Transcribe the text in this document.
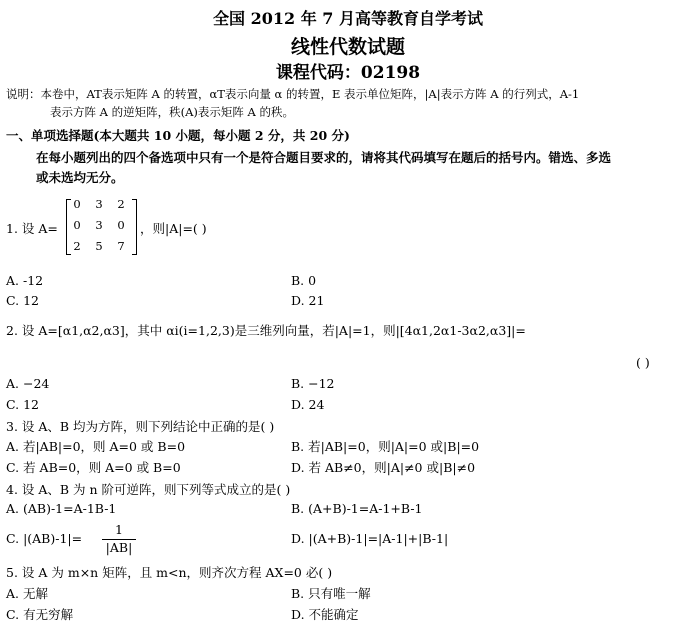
全国 2012 年 7 月高等教育自学考试
线性代数试题
课程代码：02198
说明：本卷中，AT表示矩阵 A 的转置，αT表示向量 α 的转置，E 表示单位矩阵，|A|表示方阵 A 的行列式，A-1
表示方阵 A 的逆矩阵，秩(A)表示矩阵 A 的秩。
一、单项选择题(本大题共 10 小题，每小题 2 分，共 20 分)
在每小题列出的四个备选项中只有一个是符合题目要求的，请将其代码填写在题后的括号内。错选、多选
或未选均无分。
1. 设 A=
0	3	2
0	3	0
2	5	7
，则|A|=( )
A. -12	B. 0
C. 12	D. 21
2. 设 A=[α1,α2,α3]，其中 αi(i=1,2,3)是三维列向量，若|A|=1，则|[4α1,2α1-3α2,α3]|=
( )
A. −24	B. −12
C. 12	D. 24
3. 设 A、B 均为方阵，则下列结论中正确的是( )
A. 若|AB|=0，则 A=0 或 B=0	B. 若|AB|=0，则|A|=0 或|B|=0
C. 若 AB=0，则 A=0 或 B=0	D. 若 AB≠0，则|A|≠0 或|B|≠0
4. 设 A、B 为 n 阶可逆阵，则下列等式成立的是( )
A. (AB)-1=A-1B-1	B. (A+B)-1=A-1+B-1
C. |(AB)-1|=
1
|AB|
D. |(A+B)-1|=|A-1|+|B-1|
5. 设 A 为 m×n 矩阵，且 m<n，则齐次方程 AX=0 必( )
A. 无解	B. 只有唯一解
C. 有无穷解	D. 不能确定
